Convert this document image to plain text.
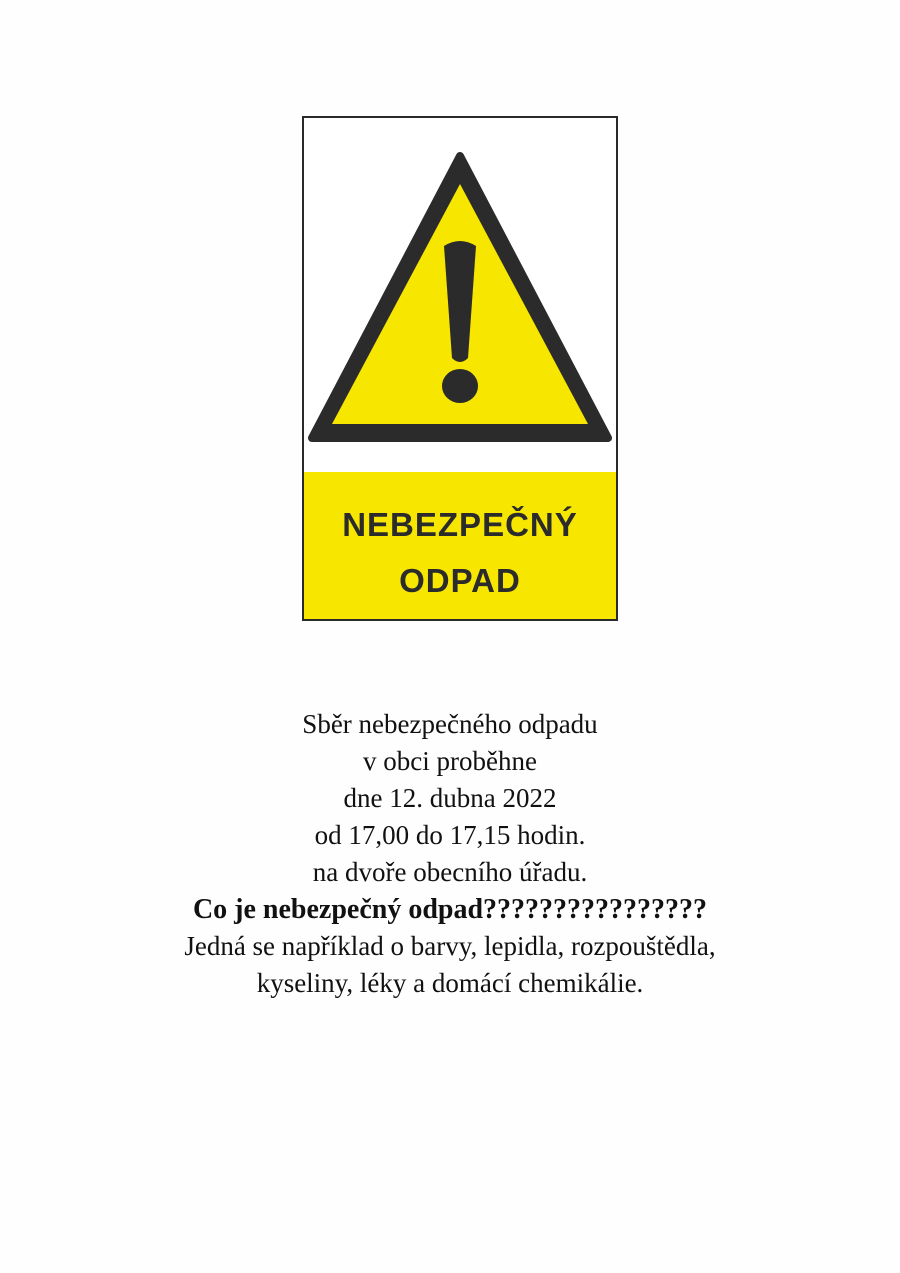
NEBEZPEČNÝ
ODPAD
Sběr nebezpečného odpadu
v obci proběhne
dne 12. dubna 2022
od 17,00 do 17,15 hodin.
na dvoře obecního úřadu.
Co je nebezpečný odpad????????????????
Jedná se například o barvy, lepidla, rozpouštědla,
kyseliny, léky a domácí chemikálie.
